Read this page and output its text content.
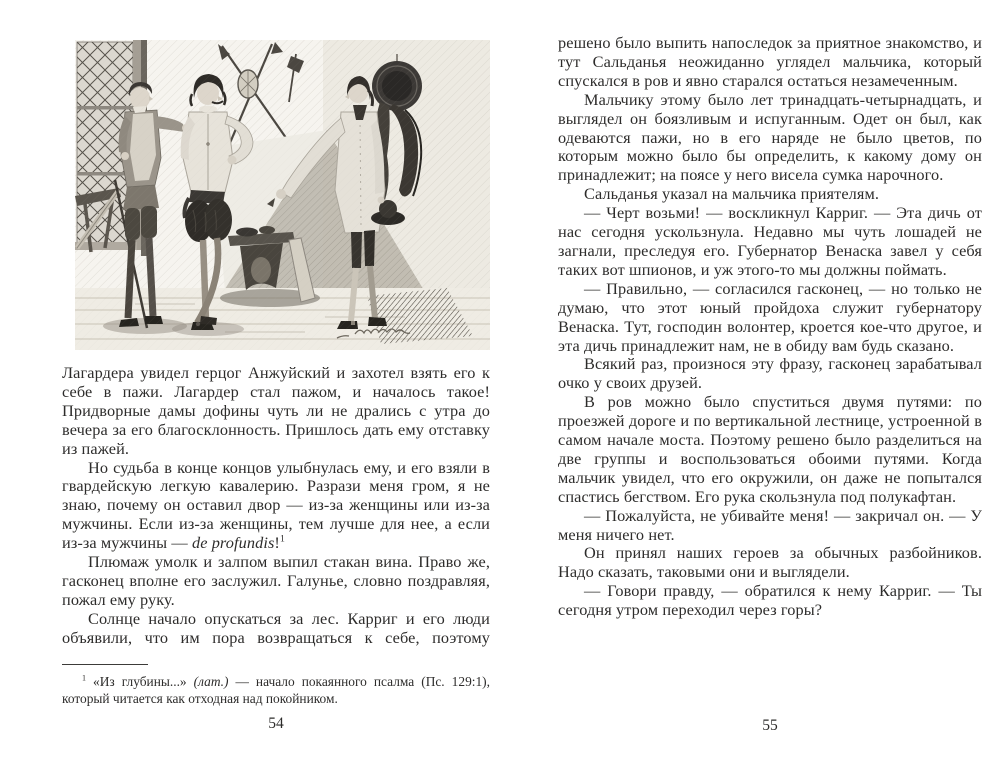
Лагардера увидел герцог Анжуйский и захотел взять его к себе в пажи. Лагардер стал пажом, и началось такое! Придворные дамы дофины чуть ли не дрались с утра до вечера за его благосклонность. Пришлось дать ему отставку из пажей.

Но судьба в конце концов улыбнулась ему, и его взяли в гвардейскую легкую кавалерию. Разрази меня гром, я не знаю, почему он оставил двор — из-за женщины или из-за мужчины. Если из-за женщины, тем лучше для нее, а если из-за мужчины — de profundis!$^1$

Плюмаж умолк и залпом выпил стакан вина. Право же, гасконец вполне его заслужил. Галунье, словно поздравляя, пожал ему руку.

Солнце начало опускаться за лес. Карриг и его люди объявили, что им пора возвращаться к себе, поэтому

$^1$ «Из глубины...» (лат.) — начало покаянного псалма (Пс. 129:1), который читается как отходная над покойником.

54

решено было выпить напоследок за приятное знакомство, и тут Сальданья неожиданно углядел мальчика, который спускался в ров и явно старался остаться незамеченным.

Мальчику этому было лет тринадцать-четырнадцать, и выглядел он боязливым и испуганным. Одет он был, как одеваются пажи, но в его наряде не было цветов, по которым можно было бы определить, к какому дому он принадлежит; на поясе у него висела сумка нарочного.

Сальданья указал на мальчика приятелям.

— Черт возьми! — воскликнул Карриг. — Эта дичь от нас сегодня ускользнула. Недавно мы чуть лошадей не загнали, преследуя его. Губернатор Венаска завел у себя таких вот шпионов, и уж этого-то мы должны поймать.

— Правильно, — согласился гасконец, — но только не думаю, что этот юный пройдоха служит губернатору Венаска. Тут, господин волонтер, кроется кое-что другое, и эта дичь принадлежит нам, не в обиду вам будь сказано.

Всякий раз, произнося эту фразу, гасконец зарабатывал очко у своих друзей.

В ров можно было спуститься двумя путями: по проезжей дороге и по вертикальной лестнице, устроенной в самом начале моста. Поэтому решено было разделиться на две группы и воспользоваться обоими путями. Когда мальчик увидел, что его окружили, он даже не попытался спастись бегством. Его рука скользнула под полукафтан.

— Пожалуйста, не убивайте меня! — закричал он. — У меня ничего нет.

Он принял наших героев за обычных разбойников. Надо сказать, таковыми они и выглядели.

— Говори правду, — обратился к нему Карриг. — Ты сегодня утром переходил через горы?

55
